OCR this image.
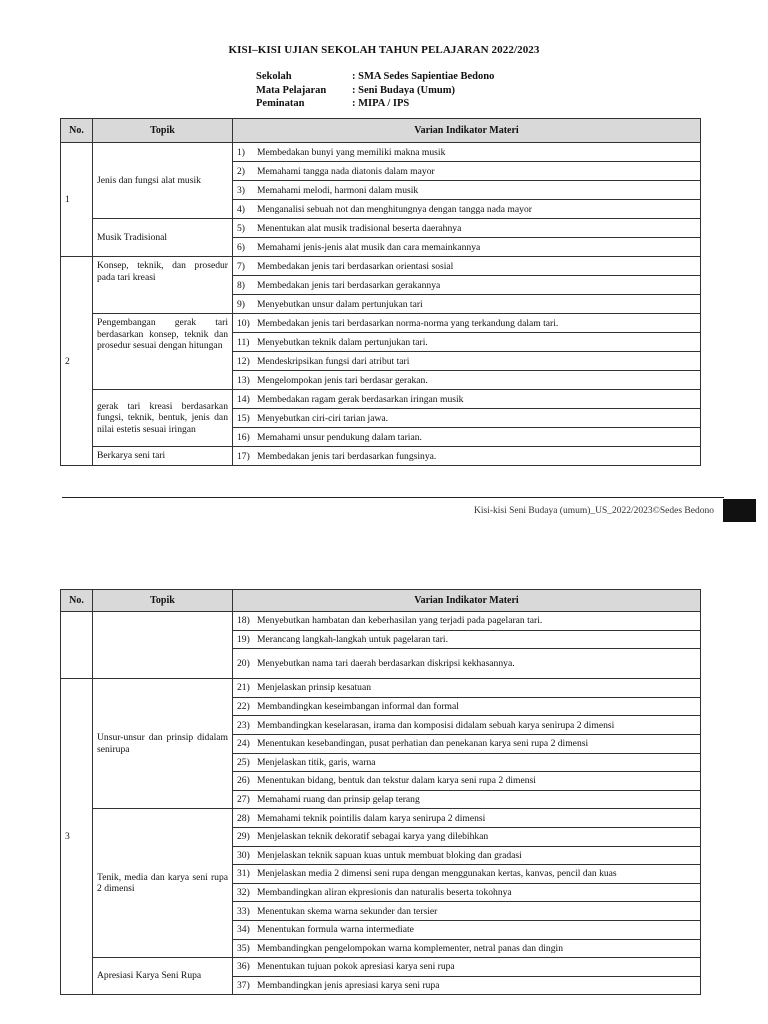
KISI–KISI UJIAN SEKOLAH TAHUN PELAJARAN 2022/2023
Sekolah	: SMA Sedes Sapientiae Bedono
Mata Pelajaran	: Seni Budaya (Umum)
Peminatan	: MIPA / IPS
No.	Topik	Varian Indikator Materi
1	Jenis dan fungsi alat musik	1) Membedakan bunyi yang memiliki makna musik
		2) Memahami tangga nada diatonis dalam mayor
		3) Memahami melodi, harmoni dalam musik
		4) Menganalisi sebuah not dan menghitungnya dengan tangga nada mayor
	Musik Tradisional	5) Menentukan alat musik tradisional beserta daerahnya
		6) Memahami jenis-jenis alat musik dan cara memainkannya
2	Konsep, teknik, dan prosedur pada tari kreasi	7) Membedakan jenis tari berdasarkan orientasi sosial
		8) Membedakan jenis tari berdasarkan gerakannya
		9) Menyebutkan unsur dalam pertunjukan tari
	Pengembangan gerak tari berdasarkan konsep, teknik dan prosedur sesuai dengan hitungan	10) Membedakan jenis tari berdasarkan norma-norma yang terkandung dalam tari.
		11) Menyebutkan teknik dalam pertunjukan tari.
		12) Mendeskripsikan fungsi dari atribut tari
		13) Mengelompokan jenis tari berdasar gerakan.
	gerak tari kreasi berdasarkan fungsi, teknik, bentuk, jenis dan nilai estetis sesuai iringan	14) Membedakan ragam gerak berdasarkan iringan musik
		15) Menyebutkan ciri-ciri tarian jawa.
		16) Memahami unsur pendukung dalam tarian.
	Berkarya seni tari	17) Membedakan jenis tari berdasarkan fungsinya.
Kisi-kisi Seni Budaya (umum)_US_2022/2023©Sedes Bedono
No.	Topik	Varian Indikator Materi
		18) Menyebutkan hambatan dan keberhasilan yang terjadi pada pagelaran tari.
		19) Merancang langkah-langkah untuk pagelaran tari.
		20) Menyebutkan nama tari daerah berdasarkan diskripsi kekhasannya.
3	Unsur-unsur dan prinsip didalam senirupa	21) Menjelaskan prinsip kesatuan
		22) Membandingkan keseimbangan informal dan formal
		23) Membandingkan keselarasan, irama dan komposisi didalam sebuah karya senirupa 2 dimensi
		24) Menentukan kesebandingan, pusat perhatian dan penekanan karya seni rupa 2 dimensi
		25) Menjelaskan titik, garis, warna
		26) Menentukan bidang, bentuk dan tekstur dalam karya seni rupa 2 dimensi
		27) Memahami ruang dan prinsip gelap terang
	Tenik, media dan karya seni rupa 2 dimensi	28) Memahami teknik pointilis dalam karya senirupa 2 dimensi
		29) Menjelaskan teknik dekoratif sebagai karya yang dilebihkan
		30) Menjelaskan teknik sapuan kuas untuk membuat bloking dan gradasi
		31) Menjelaskan media 2 dimensi seni rupa dengan menggunakan kertas, kanvas, pencil dan kuas
		32) Membandingkan aliran ekpresionis dan naturalis beserta tokohnya
		33) Menentukan skema warna sekunder dan tersier
		34) Menentukan formula warna intermediate
		35) Membandingkan pengelompokan warna komplementer, netral panas dan dingin
	Apresiasi Karya Seni Rupa	36) Menentukan tujuan pokok apresiasi karya seni rupa
		37) Membandingkan jenis apresiasi karya seni rupa
